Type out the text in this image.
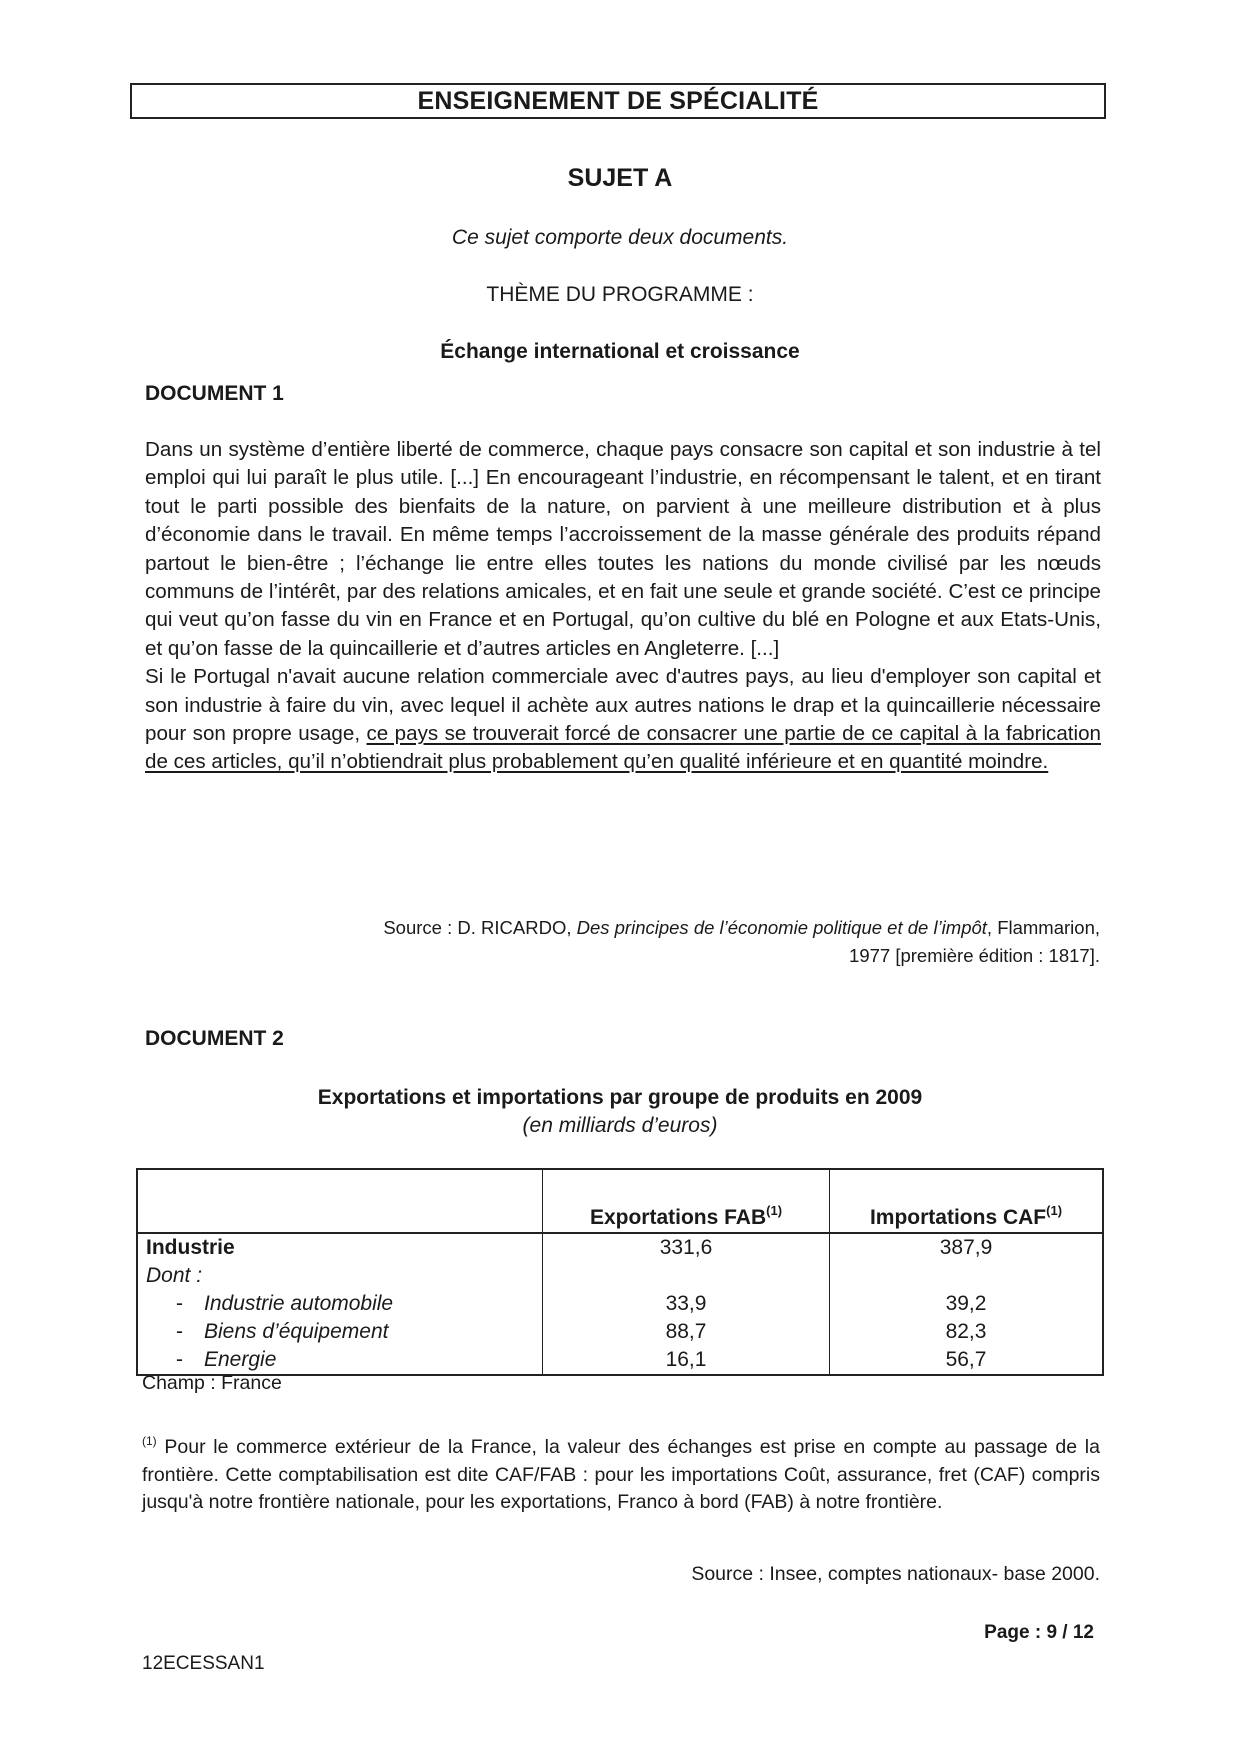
ENSEIGNEMENT DE SPÉCIALITÉ
SUJET A
Ce sujet comporte deux documents.
THÈME DU PROGRAMME :
Échange international et croissance
DOCUMENT 1

Dans un système d’entière liberté de commerce, chaque pays consacre son capital et son industrie à tel emploi qui lui paraît le plus utile. [...] En encourageant l’industrie, en récompensant le talent, et en tirant tout le parti possible des bienfaits de la nature, on parvient à une meilleure distribution et à plus d’économie dans le travail. En même temps l’accroissement de la masse générale des produits répand partout le bien-être ; l’échange lie entre elles toutes les nations du monde civilisé par les nœuds communs de l’intérêt, par des relations amicales, et en fait une seule et grande société. C’est ce principe qui veut qu’on fasse du vin en France et en Portugal, qu’on cultive du blé en Pologne et aux Etats-Unis, et qu’on fasse de la quincaillerie et d’autres articles en Angleterre. [...]

Si le Portugal n'avait aucune relation commerciale avec d'autres pays, au lieu d'employer son capital et son industrie à faire du vin, avec lequel il achète aux autres nations le drap et la quincaillerie nécessaire pour son propre usage, ce pays se trouverait forcé de consacrer une partie de ce capital à la fabrication de ces articles, qu’il n’obtiendrait plus probablement qu’en qualité inférieure et en quantité moindre.

Source : D. RICARDO, Des principes de l’économie politique et de l’impôt, Flammarion,
1977 [première édition : 1817].
DOCUMENT 2
Exportations et importations par groupe de produits en 2009
(en milliards d’euros)
	Exportations FAB$^{(1)}$	Importations CAF$^{(1)}$
Industrie	331,6	387,9
Dont :		
- Industrie automobile	33,9	39,2
- Biens d’équipement	88,7	82,3
- Energie	16,1	56,7
Champ : France
$^{(1)}$ Pour le commerce extérieur de la France, la valeur des échanges est prise en compte au passage de la frontière. Cette comptabilisation est dite CAF/FAB : pour les importations Coût, assurance, fret (CAF) compris jusqu'à notre frontière nationale, pour les exportations, Franco à bord (FAB) à notre frontière.
Source : Insee, comptes nationaux- base 2000.
Page : 9 / 12
12ECESSAN1
